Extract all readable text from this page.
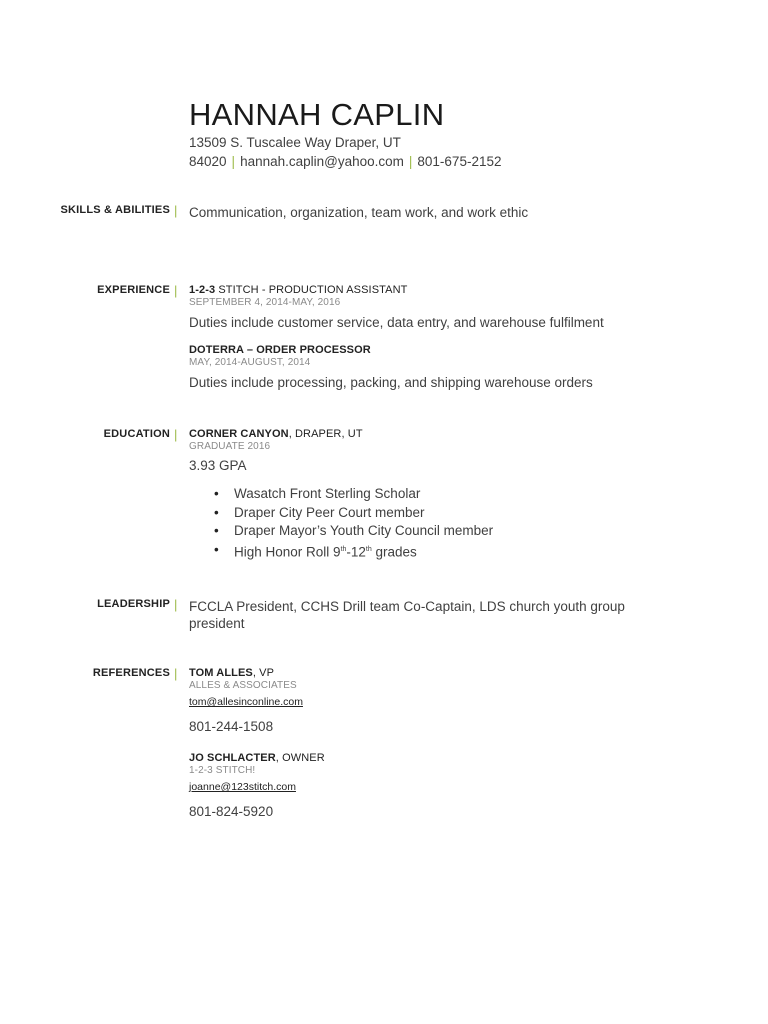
HANNAH CAPLIN
13509 S. Tuscalee Way Draper, UT
84020 | hannah.caplin@yahoo.com | 801-675-2152
SKILLS & ABILITIES | Communication, organization, team work, and work ethic
EXPERIENCE | 1-2-3 STITCH - PRODUCTION ASSISTANT
SEPTEMBER 4, 2014-MAY, 2016
Duties include customer service, data entry, and warehouse fulfilment
DOTERRA – ORDER PROCESSOR
MAY, 2014-AUGUST, 2014
Duties include processing, packing, and shipping warehouse orders
EDUCATION | CORNER CANYON, DRAPER, UT
GRADUATE 2016
3.93 GPA
• Wasatch Front Sterling Scholar
• Draper City Peer Court member
• Draper Mayor’s Youth City Council member
• High Honor Roll 9th-12th grades
LEADERSHIP | FCCLA President, CCHS Drill team Co-Captain, LDS church youth group president
REFERENCES | TOM ALLES, VP
ALLES & ASSOCIATES
tom@allesinconline.com
801-244-1508
JO SCHLACTER, OWNER
1-2-3 STITCH!
joanne@123stitch.com
801-824-5920
